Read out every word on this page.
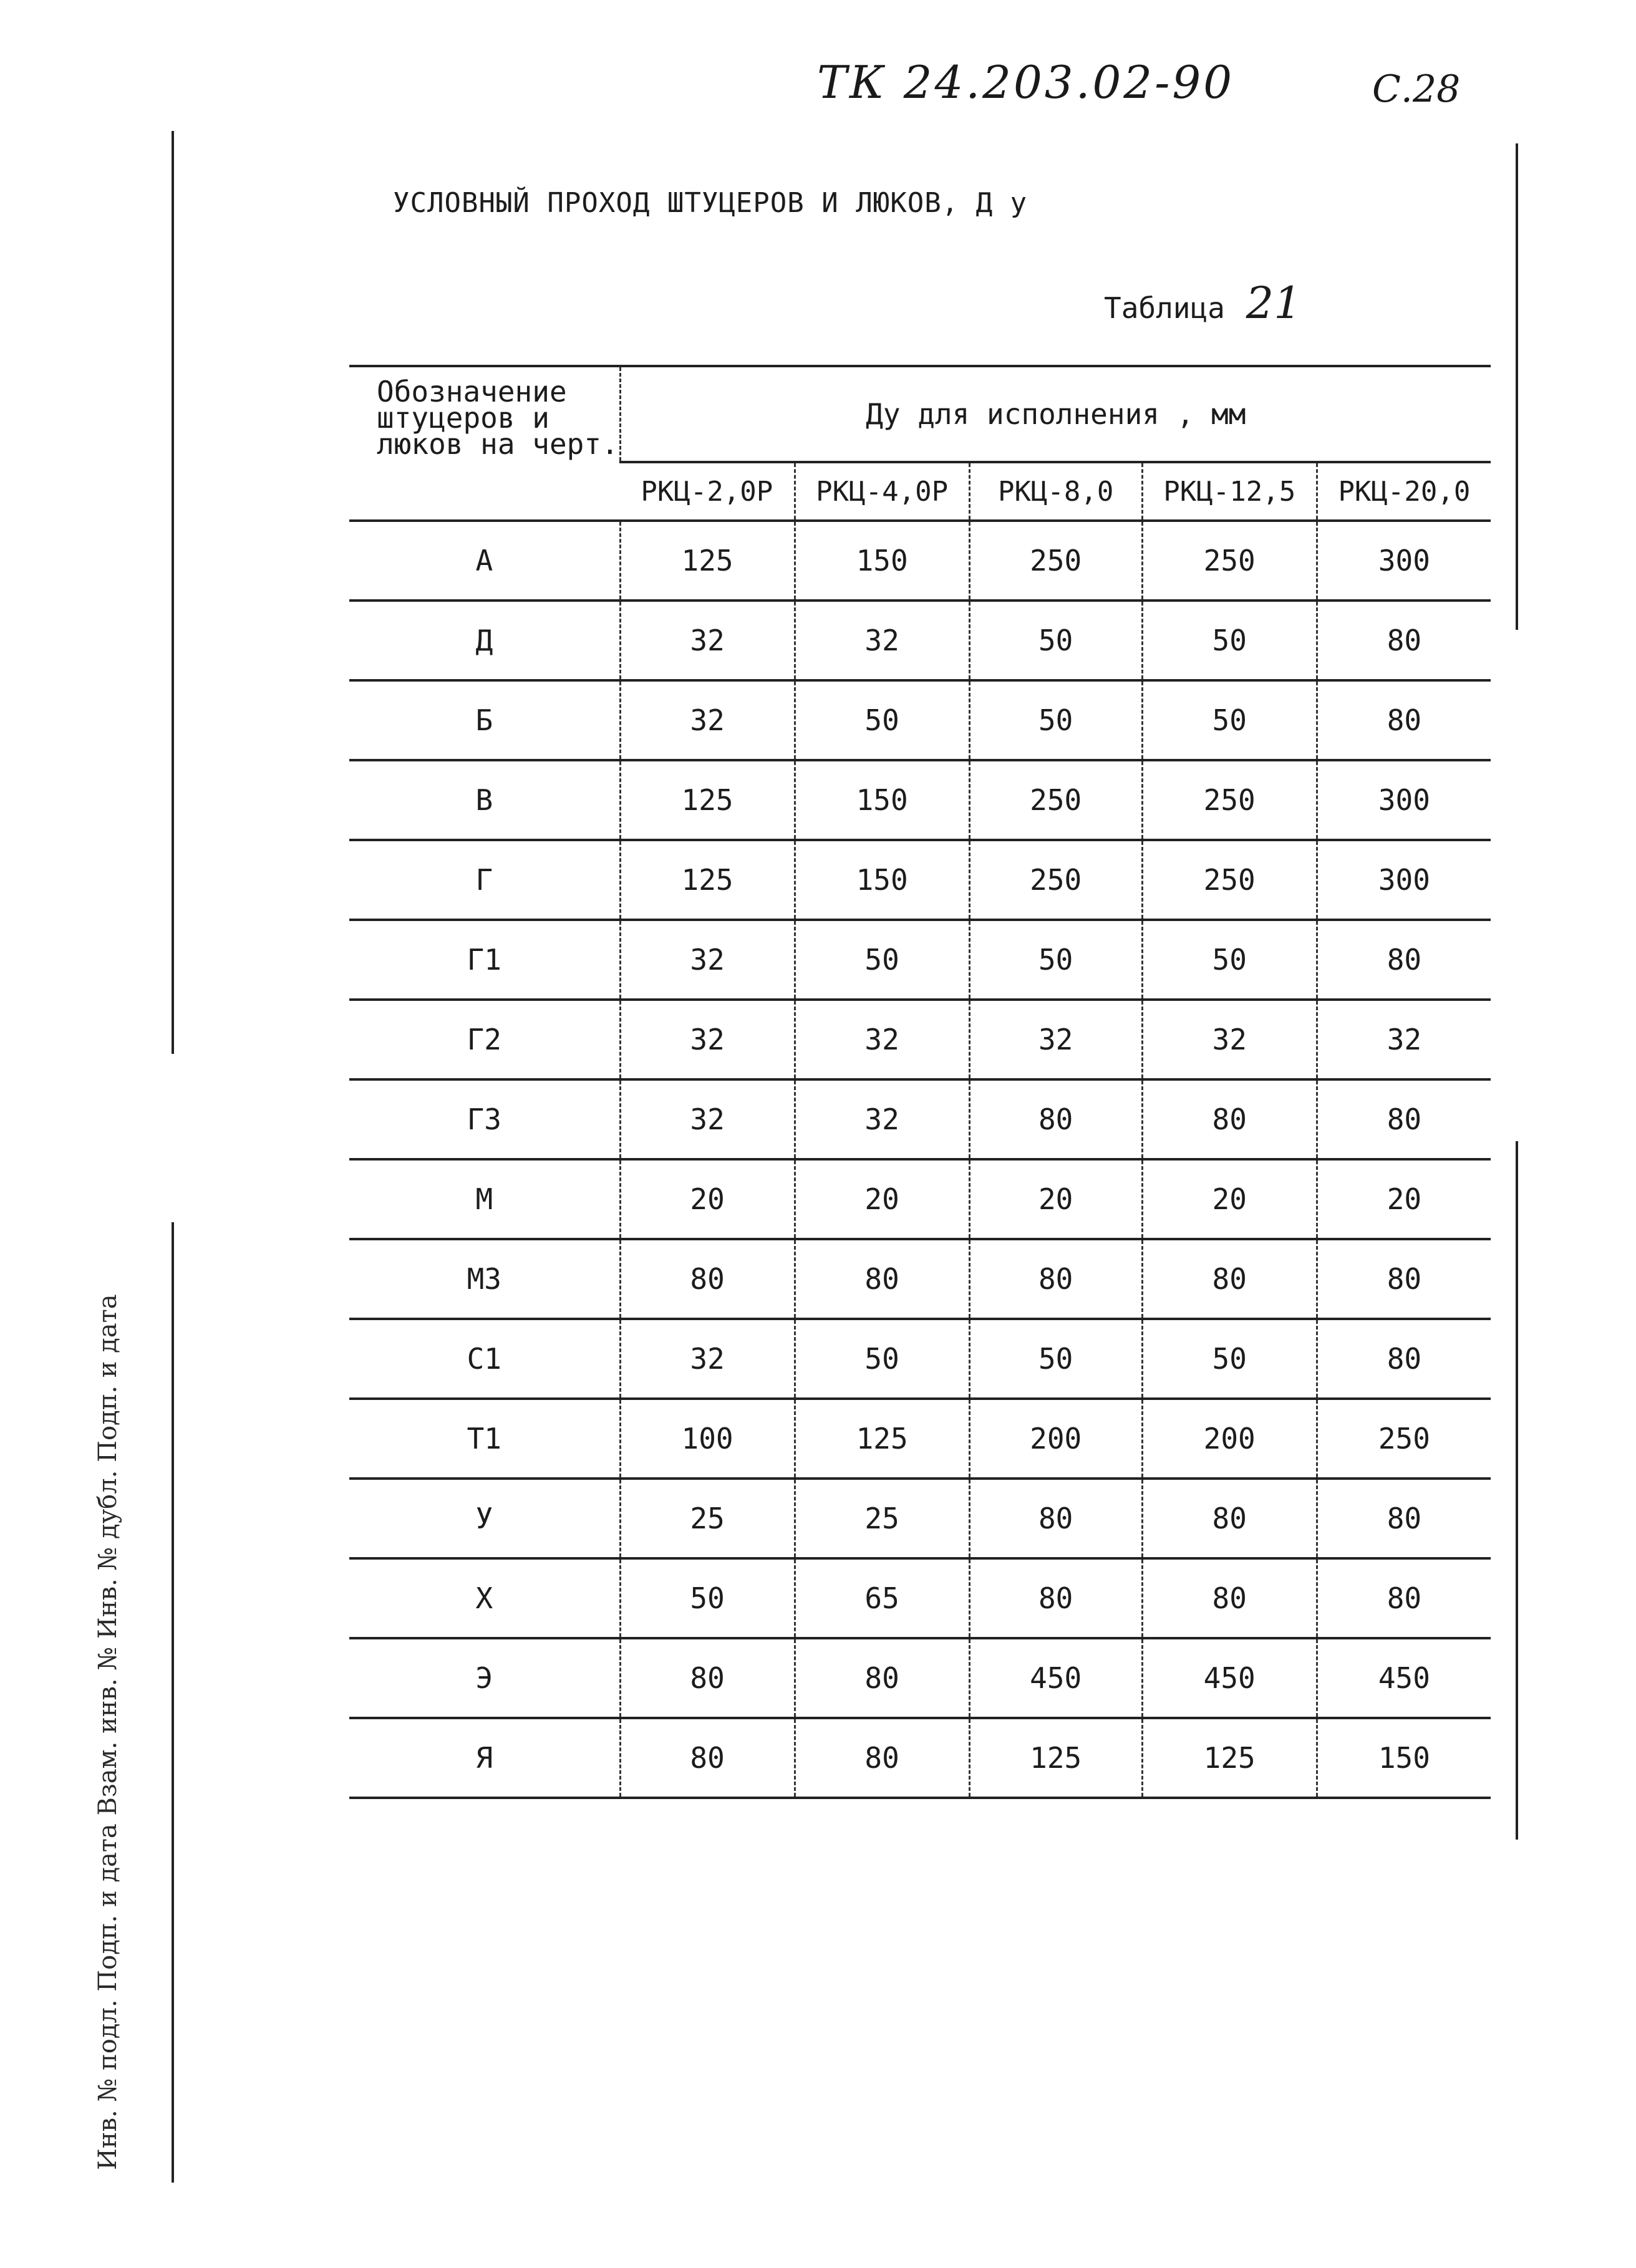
ТК 24.203.02-90	С.28
УСЛОВНЫЙ ПРОХОД ШТУЦЕРОВ И ЛЮКОВ, Д у
Таблица 21
Обозначение штуцеров и люков на черт.	Ду для исполнения , мм				
	РКЦ-2,0Р	РКЦ-4,0Р	РКЦ-8,0	РКЦ-12,5	РКЦ-20,0
А	125	150	250	250	300
Д	32	32	50	50	80
Б	32	50	50	50	80
В	125	150	250	250	300
Г	125	150	250	250	300
Г1	32	50	50	50	80
Г2	32	32	32	32	32
Г3	32	32	80	80	80
М	20	20	20	20	20
М3	80	80	80	80	80
С1	32	50	50	50	80
Т1	100	125	200	200	250
У	25	25	80	80	80
Х	50	65	80	80	80
Э	80	80	450	450	450
Я	80	80	125	125	150
Инв. № подл. Подп. и дата Взам. инв. № Инв. № дубл. Подп. и дата
